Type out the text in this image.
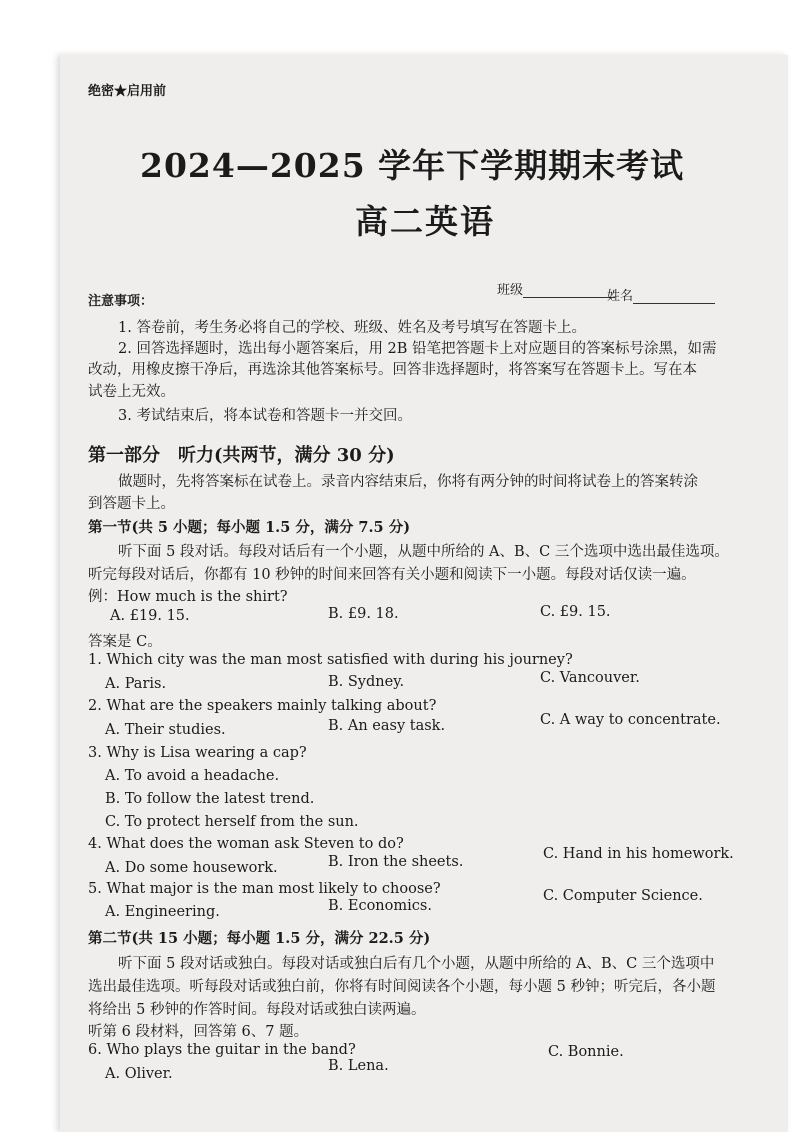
绝密★启用前
2024—2025 学年下学期期末考试
高二英语
班级	姓名
注意事项：
1. 答卷前，考生务必将自己的学校、班级、姓名及考号填写在答题卡上。
2. 回答选择题时，选出每小题答案后，用 2B 铅笔把答题卡上对应题目的答案标号涂黑，如需
改动，用橡皮擦干净后，再选涂其他答案标号。回答非选择题时，将答案写在答题卡上。写在本
试卷上无效。
3. 考试结束后，将本试卷和答题卡一并交回。
第一部分　听力(共两节，满分 30 分)
做题时，先将答案标在试卷上。录音内容结束后，你将有两分钟的时间将试卷上的答案转涂
到答题卡上。
第一节(共 5 小题；每小题 1.5 分，满分 7.5 分)
听下面 5 段对话。每段对话后有一个小题，从题中所给的 A、B、C 三个选项中选出最佳选项。
听完每段对话后，你都有 10 秒钟的时间来回答有关小题和阅读下一小题。每段对话仅读一遍。
例：How much is the shirt?
A. £19. 15.	B. £9. 18.	C. £9. 15.
答案是 C。
1. Which city was the man most satisfied with during his journey?
A. Paris.	B. Sydney.	C. Vancouver.
2. What are the speakers mainly talking about?
A. Their studies.	B. An easy task.	C. A way to concentrate.
3. Why is Lisa wearing a cap?
A. To avoid a headache.
B. To follow the latest trend.
C. To protect herself from the sun.
4. What does the woman ask Steven to do?
A. Do some housework.	B. Iron the sheets.	C. Hand in his homework.
5. What major is the man most likely to choose?
A. Engineering.	B. Economics.
C. Computer Science.
第二节(共 15 小题；每小题 1.5 分，满分 22.5 分)
听下面 5 段对话或独白。每段对话或独白后有几个小题，从题中所给的 A、B、C 三个选项中
选出最佳选项。听每段对话或独白前，你将有时间阅读各个小题，每小题 5 秒钟；听完后，各小题
将给出 5 秒钟的作答时间。每段对话或独白读两遍。
听第 6 段材料，回答第 6、7 题。
6. Who plays the guitar in the band?
A. Oliver.	B. Lena.
C. Bonnie.
